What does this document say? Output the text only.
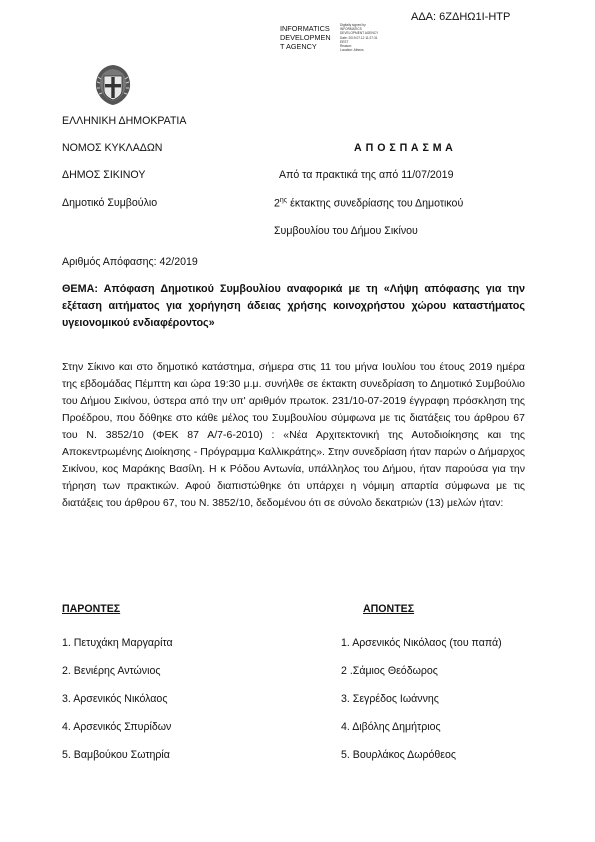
ΑΔΑ: 6ΖΔΗΩ1Ι-ΗΤΡ
INFORMATICS
DEVELOPMEN
T AGENCY
Digitally signed by
INFORMATICS
DEVELOPMENT AGENCY
Date: 2019.07.12 11:27:31
EEST
Reason:
Location: Athens
ΕΛΛΗΝΙΚΗ ΔΗΜΟΚΡΑΤΙΑ
ΝΟΜΟΣ ΚΥΚΛΑΔΩΝ
ΔΗΜΟΣ ΣΙΚΙΝΟΥ
Δημοτικό Συμβούλιο
Αριθμός Απόφασης: 42/2019
Α Π Ο Σ Π Α Σ Μ Α
Από τα πρακτικά της από 11/07/2019
$2^{\eta\varsigma}$ έκτακτης συνεδρίασης του Δημοτικού
Συμβουλίου του Δήμου Σικίνου
ΘΕΜΑ: Απόφαση Δημοτικού Συμβουλίου αναφορικά με τη «Λήψη απόφασης για την εξέταση αιτήματος για χορήγηση άδειας χρήσης κοινοχρήστου χώρου καταστήματος υγειονομικού ενδιαφέροντος»
Στην Σίκινο και στο δημοτικό κατάστημα, σήμερα στις 11 του μήνα Ιουλίου του έτους 2019 ημέρα της εβδομάδας Πέμπτη και ώρα 19:30 μ.μ. συνήλθε σε έκτακτη συνεδρίαση το Δημοτικό Συμβούλιο του Δήμου Σικίνου, ύστερα από την υπ' αριθμόν πρωτοκ. 231/10-07-2019 έγγραφη πρόσκληση της Προέδρου, που δόθηκε στο κάθε μέλος του Συμβουλίου σύμφωνα με τις διατάξεις του άρθρου 67 του Ν. 3852/10 (ΦΕΚ 87 Α/7-6-2010) : «Νέα Αρχιτεκτονική της Αυτοδιοίκησης και της Αποκεντρωμένης Διοίκησης - Πρόγραμμα Καλλικράτης». Στην συνεδρίαση ήταν παρών ο Δήμαρχος Σικίνου, κος Μαράκης Βασίλη. Η κ Ρόδου Αντωνία, υπάλληλος του Δήμου, ήταν παρούσα για την τήρηση των πρακτικών. Αφού διαπιστώθηκε ότι υπάρχει η νόμιμη απαρτία σύμφωνα με τις διατάξεις του άρθρου 67, του Ν. 3852/10, δεδομένου ότι σε σύνολο δεκατριών (13) μελών ήταν:
ΠΑΡΟΝΤΕΣ	ΑΠΟΝΤΕΣ
1. Πετυχάκη Μαργαρίτα
2. Βενιέρης Αντώνιος
3. Αρσενικός Νικόλαος
4. Αρσενικός Σπυρίδων
5. Βαμβούκου Σωτηρία
1. Αρσενικός Νικόλαος (του παπά)
2 .Σάμιος Θεόδωρος
3. Σεγρέδος Ιωάννης
4. Διβόλης Δημήτριος
5. Βουρλάκος Δωρόθεος
